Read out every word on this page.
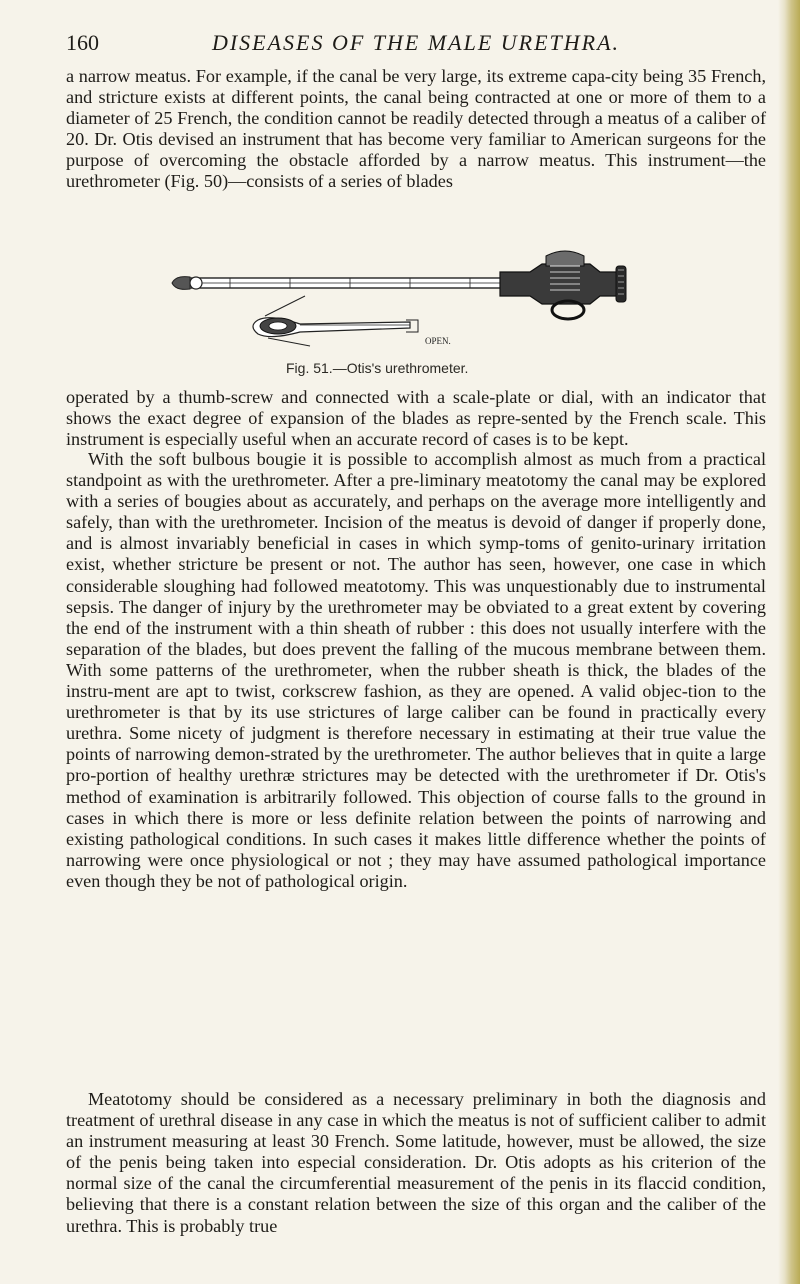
160	DISEASES OF THE MALE URETHRA.

a narrow meatus. For example, if the canal be very large, its extreme capa-city being 35 French, and stricture exists at different points, the canal being contracted at one or more of them to a diameter of 25 French, the condition cannot be readily detected through a meatus of a caliber of 20. Dr. Otis devised an instrument that has become very familiar to American surgeons for the purpose of overcoming the obstacle afforded by a narrow meatus. This instrument—the urethrometer (Fig. 50)—consists of a series of blades

OPEN.
Fig. 51.—Otis's urethrometer.

operated by a thumb-screw and connected with a scale-plate or dial, with an indicator that shows the exact degree of expansion of the blades as repre-sented by the French scale. This instrument is especially useful when an accurate record of cases is to be kept.

With the soft bulbous bougie it is possible to accomplish almost as much from a practical standpoint as with the urethrometer. After a pre-liminary meatotomy the canal may be explored with a series of bougies about as accurately, and perhaps on the average more intelligently and safely, than with the urethrometer. Incision of the meatus is devoid of danger if properly done, and is almost invariably beneficial in cases in which symp-toms of genito-urinary irritation exist, whether stricture be present or not. The author has seen, however, one case in which considerable sloughing had followed meatotomy. This was unquestionably due to instrumental sepsis. The danger of injury by the urethrometer may be obviated to a great extent by covering the end of the instrument with a thin sheath of rubber : this does not usually interfere with the separation of the blades, but does prevent the falling of the mucous membrane between them. With some patterns of the urethrometer, when the rubber sheath is thick, the blades of the instru-ment are apt to twist, corkscrew fashion, as they are opened. A valid objec-tion to the urethrometer is that by its use strictures of large caliber can be found in practically every urethra. Some nicety of judgment is therefore necessary in estimating at their true value the points of narrowing demon-strated by the urethrometer. The author believes that in quite a large pro-portion of healthy urethræ strictures may be detected with the urethrometer if Dr. Otis's method of examination is arbitrarily followed. This objection of course falls to the ground in cases in which there is more or less definite relation between the points of narrowing and existing pathological conditions. In such cases it makes little difference whether the points of narrowing were once physiological or not ; they may have assumed pathological importance even though they be not of pathological origin.

Meatotomy should be considered as a necessary preliminary in both the diagnosis and treatment of urethral disease in any case in which the meatus is not of sufficient caliber to admit an instrument measuring at least 30 French. Some latitude, however, must be allowed, the size of the penis being taken into especial consideration. Dr. Otis adopts as his criterion of the normal size of the canal the circumferential measurement of the penis in its flaccid condition, believing that there is a constant relation between the size of this organ and the caliber of the urethra. This is probably true
